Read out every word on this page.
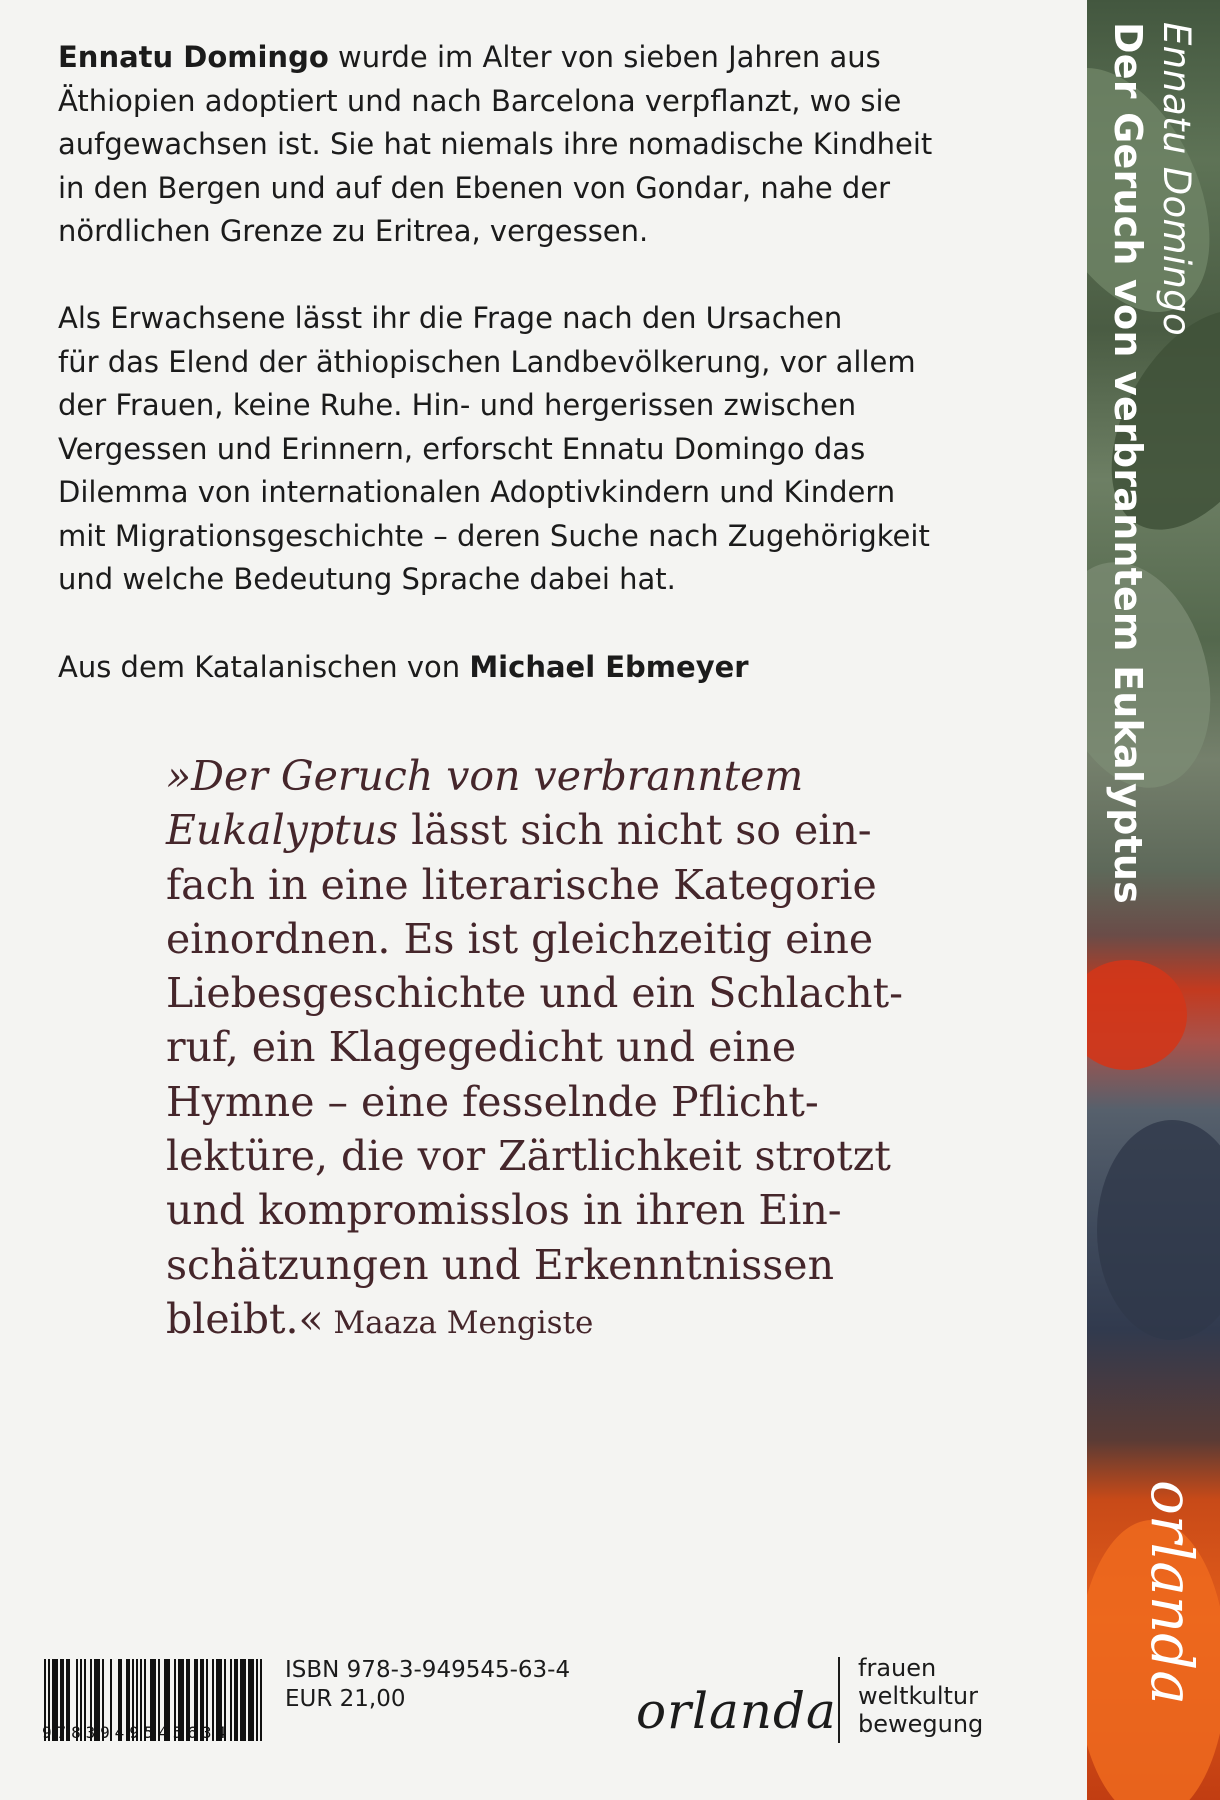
Ennatu Domingo wurde im Alter von sieben Jahren aus
Äthiopien adoptiert und nach Barcelona verpflanzt, wo sie
aufgewachsen ist. Sie hat niemals ihre nomadische Kindheit
in den Bergen und auf den Ebenen von Gondar, nahe der
nördlichen Grenze zu Eritrea, vergessen.

Als Erwachsene lässt ihr die Frage nach den Ursachen
für das Elend der äthiopischen Landbevölkerung, vor allem
der Frauen, keine Ruhe. Hin- und hergerissen zwischen
Vergessen und Erinnern, erforscht Ennatu Domingo das
Dilemma von internationalen Adoptivkindern und Kindern
mit Migrationsgeschichte – deren Suche nach Zugehörigkeit
und welche Bedeutung Sprache dabei hat.

Aus dem Katalanischen von Michael Ebmeyer
»Der Geruch von verbranntem
Eukalyptus lässt sich nicht so ein-
fach in eine literarische Kategorie
einordnen. Es ist gleichzeitig eine
Liebesgeschichte und ein Schlacht-
ruf, ein Klagegedicht und eine
Hymne – eine fesselnde Pflicht-
lektüre, die vor Zärtlichkeit strotzt
und kompromisslos in ihren Ein-
schätzungen und Erkenntnissen
bleibt.« Maaza Mengiste
9783949545634
ISBN 978-3-949545-63-4
EUR 21,00	orlanda
frauen
weltkultur
bewegung
Ennatu Domingo
Der Geruch von verbranntem Eukalyptus
orlanda
